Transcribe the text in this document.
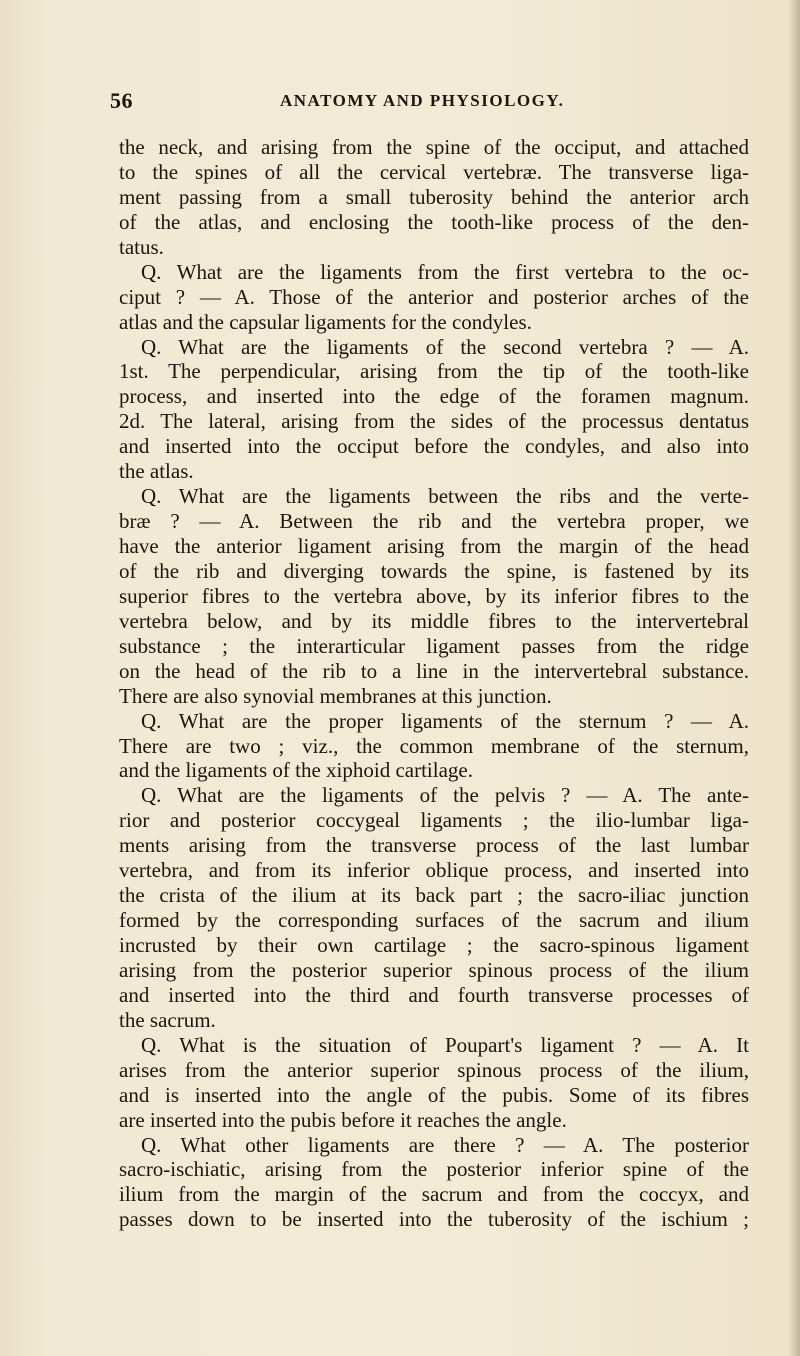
56	ANATOMY AND PHYSIOLOGY.
the neck, and arising from the spine of the occiput, and attached
to the spines of all the cervical vertebræ. The transverse liga-
ment passing from a small tuberosity behind the anterior arch
of the atlas, and enclosing the tooth-like process of the den-
tatus.
Q. What are the ligaments from the first vertebra to the oc-
ciput ? — A. Those of the anterior and posterior arches of the
atlas and the capsular ligaments for the condyles.
Q. What are the ligaments of the second vertebra ? — A.
1st. The perpendicular, arising from the tip of the tooth-like
process, and inserted into the edge of the foramen magnum.
2d. The lateral, arising from the sides of the processus dentatus
and inserted into the occiput before the condyles, and also into
the atlas.
Q. What are the ligaments between the ribs and the verte-
bræ ? — A. Between the rib and the vertebra proper, we
have the anterior ligament arising from the margin of the head
of the rib and diverging towards the spine, is fastened by its
superior fibres to the vertebra above, by its inferior fibres to the
vertebra below, and by its middle fibres to the intervertebral
substance ; the interarticular ligament passes from the ridge
on the head of the rib to a line in the intervertebral substance.
There are also synovial membranes at this junction.
Q. What are the proper ligaments of the sternum ? — A.
There are two ; viz., the common membrane of the sternum,
and the ligaments of the xiphoid cartilage.
Q. What are the ligaments of the pelvis ? — A. The ante-
rior and posterior coccygeal ligaments ; the ilio-lumbar liga-
ments arising from the transverse process of the last lumbar
vertebra, and from its inferior oblique process, and inserted into
the crista of the ilium at its back part ; the sacro-iliac junction
formed by the corresponding surfaces of the sacrum and ilium
incrusted by their own cartilage ; the sacro-spinous ligament
arising from the posterior superior spinous process of the ilium
and inserted into the third and fourth transverse processes of
the sacrum.
Q. What is the situation of Poupart's ligament ? — A. It
arises from the anterior superior spinous process of the ilium,
and is inserted into the angle of the pubis. Some of its fibres
are inserted into the pubis before it reaches the angle.
Q. What other ligaments are there ? — A. The posterior
sacro-ischiatic, arising from the posterior inferior spine of the
ilium from the margin of the sacrum and from the coccyx, and
passes down to be inserted into the tuberosity of the ischium ;
